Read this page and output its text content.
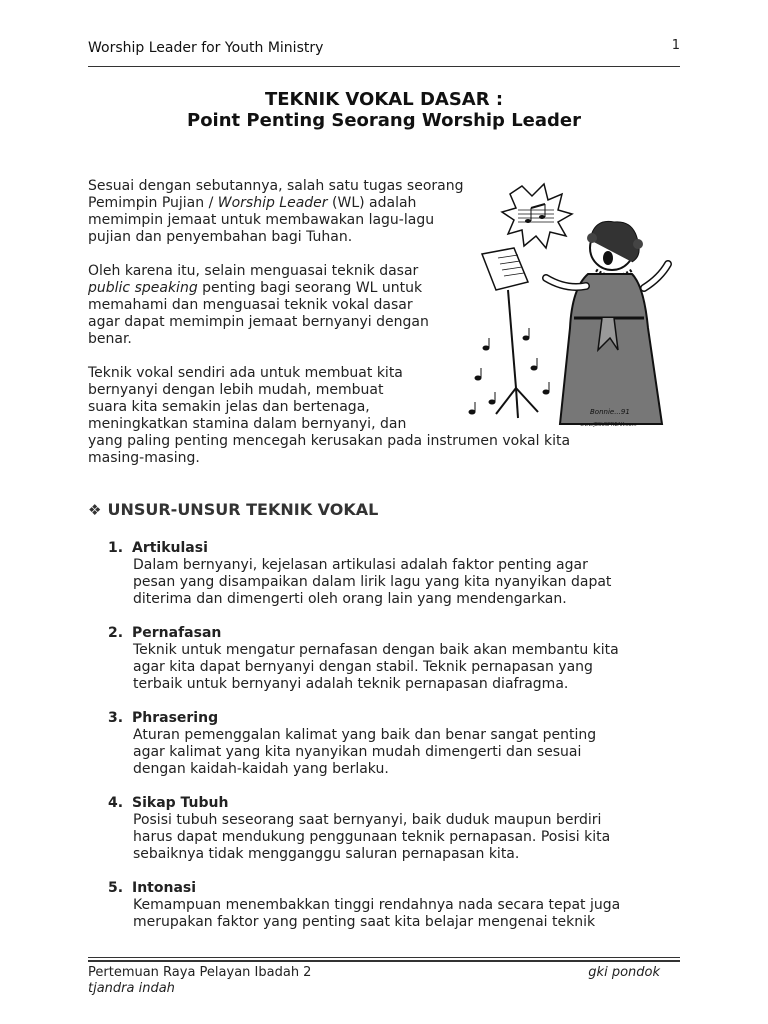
Worship Leader for Youth Ministry	1
TEKNIK VOKAL DASAR :
Point Penting Seorang Worship Leader
Sesuai dengan sebutannya, salah satu tugas seorang
Pemimpin Pujian / Worship Leader (WL) adalah
memimpin jemaat untuk membawakan lagu-lagu
pujian dan penyembahan bagi Tuhan.
Oleh karena itu, selain menguasai teknik dasar
public speaking penting bagi seorang WL untuk
memahami dan menguasai teknik vokal dasar
agar dapat memimpin jemaat bernyanyi dengan
benar.
Teknik vokal sendiri ada untuk membuat kita
bernyanyi dengan lebih mudah, membuat
suara kita semakin jelas dan bertenaga,
meningkatkan stamina dalam bernyanyi, dan
yang paling penting mencegah kerusakan pada instrumen vokal kita
masing-masing.
Bonnie...91
www.JESUSFREAK.com
❖ UNSUR-UNSUR TEKNIK VOKAL
1. Artikulasi
Dalam bernyanyi, kejelasan artikulasi adalah faktor penting agar
pesan yang disampaikan dalam lirik lagu yang kita nyanyikan dapat
diterima dan dimengerti oleh orang lain yang mendengarkan.
2. Pernafasan
Teknik untuk mengatur pernafasan dengan baik akan membantu kita
agar kita dapat bernyanyi dengan stabil. Teknik pernapasan yang
terbaik untuk bernyanyi adalah teknik pernapasan diafragma.
3. Phrasering
Aturan pemenggalan kalimat yang baik dan benar sangat penting
agar kalimat yang kita nyanyikan mudah dimengerti dan sesuai
dengan kaidah-kaidah yang berlaku.
4. Sikap Tubuh
Posisi tubuh seseorang saat bernyanyi, baik duduk maupun berdiri
harus dapat mendukung penggunaan teknik pernapasan. Posisi kita
sebaiknya tidak mengganggu saluran pernapasan kita.
5. Intonasi
Kemampuan menembakkan tinggi rendahnya nada secara tepat juga
merupakan faktor yang penting saat kita belajar mengenai teknik
Pertemuan Raya Pelayan Ibadah 2	gki pondok
tjandra indah
